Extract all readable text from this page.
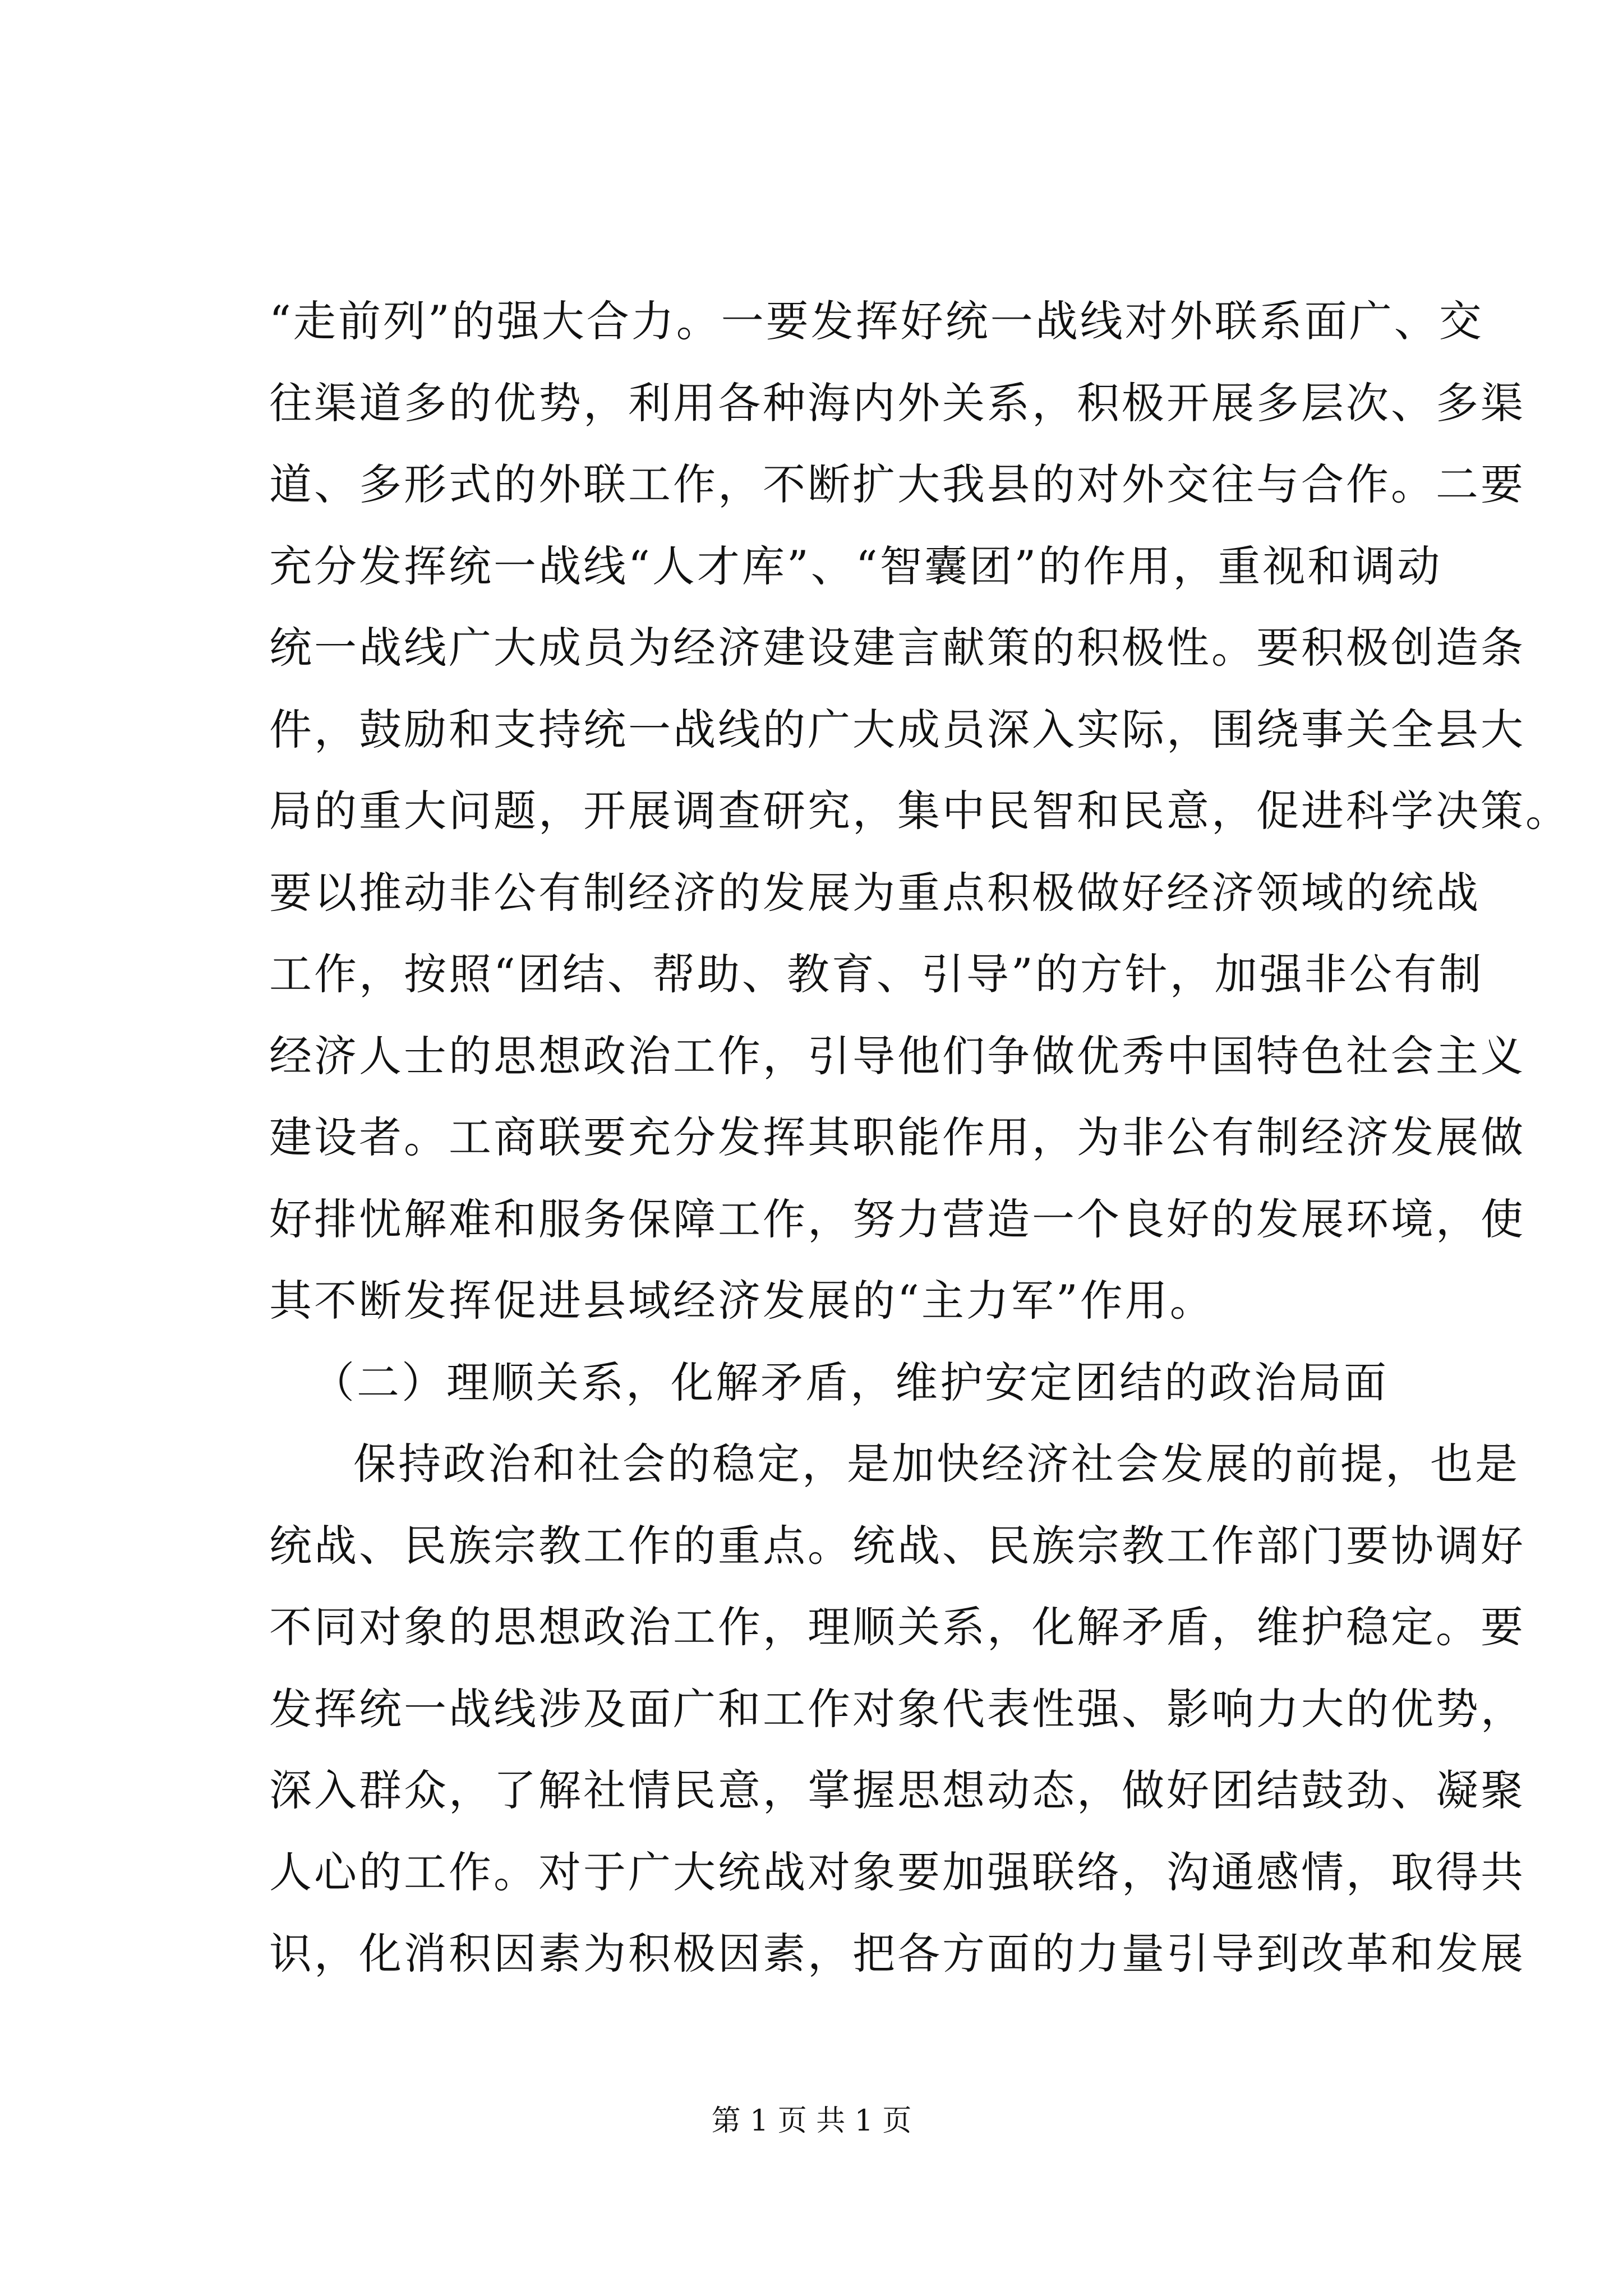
“走前列”的强大合力。一要发挥好统一战线对外联系面广、交
往渠道多的优势，利用各种海内外关系，积极开展多层次、多渠
道、多形式的外联工作，不断扩大我县的对外交往与合作。二要
充分发挥统一战线“人才库”、“智囊团”的作用，重视和调动
统一战线广大成员为经济建设建言献策的积极性。要积极创造条
件，鼓励和支持统一战线的广大成员深入实际，围绕事关全县大
局的重大问题，开展调查研究，集中民智和民意，促进科学决策。
要以推动非公有制经济的发展为重点积极做好经济领域的统战
工作，按照“团结、帮助、教育、引导”的方针，加强非公有制
经济人士的思想政治工作，引导他们争做优秀中国特色社会主义
建设者。工商联要充分发挥其职能作用，为非公有制经济发展做
好排忧解难和服务保障工作，努力营造一个良好的发展环境，使
其不断发挥促进县域经济发展的“主力军”作用。
（二）理顺关系，化解矛盾，维护安定团结的政治局面
保持政治和社会的稳定，是加快经济社会发展的前提，也是
统战、民族宗教工作的重点。统战、民族宗教工作部门要协调好
不同对象的思想政治工作，理顺关系，化解矛盾，维护稳定。要
发挥统一战线涉及面广和工作对象代表性强、影响力大的优势，
深入群众，了解社情民意，掌握思想动态，做好团结鼓劲、凝聚
人心的工作。对于广大统战对象要加强联络，沟通感情，取得共
识，化消积因素为积极因素，把各方面的力量引导到改革和发展
第 1 页 共 1 页
